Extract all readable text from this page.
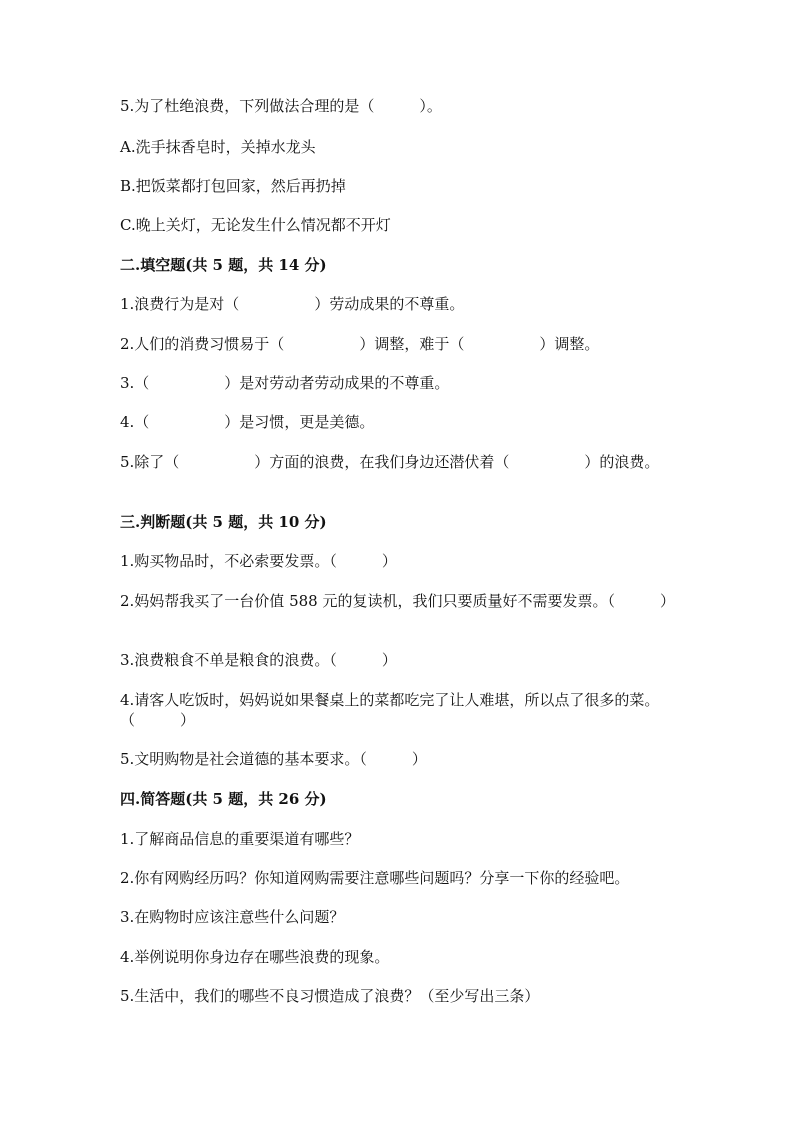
5.为了杜绝浪费，下列做法合理的是（　　　）。
A.洗手抹香皂时，关掉水龙头
B.把饭菜都打包回家，然后再扔掉
C.晚上关灯，无论发生什么情况都不开灯
二.填空题(共 5 题，共 14 分)
1.浪费行为是对（　　　　　）劳动成果的不尊重。
2.人们的消费习惯易于（　　　　　）调整，难于（　　　　　）调整。
3.（　　　　　）是对劳动者劳动成果的不尊重。
4.（　　　　　）是习惯，更是美德。
5.除了（　　　　　）方面的浪费，在我们身边还潜伏着（　　　　　）的浪费。
三.判断题(共 5 题，共 10 分)
1.购买物品时，不必索要发票。（　　　）
2.妈妈帮我买了一台价值 588 元的复读机，我们只要质量好不需要发票。（　　　）
3.浪费粮食不单是粮食的浪费。（　　　）
4.请客人吃饭时，妈妈说如果餐桌上的菜都吃完了让人难堪，所以点了很多的菜。（　　　）
5.文明购物是社会道德的基本要求。（　　　）
四.简答题(共 5 题，共 26 分)
1.了解商品信息的重要渠道有哪些？
2.你有网购经历吗？你知道网购需要注意哪些问题吗？分享一下你的经验吧。
3.在购物时应该注意些什么问题？
4.举例说明你身边存在哪些浪费的现象。
5.生活中，我们的哪些不良习惯造成了浪费？（至少写出三条）
